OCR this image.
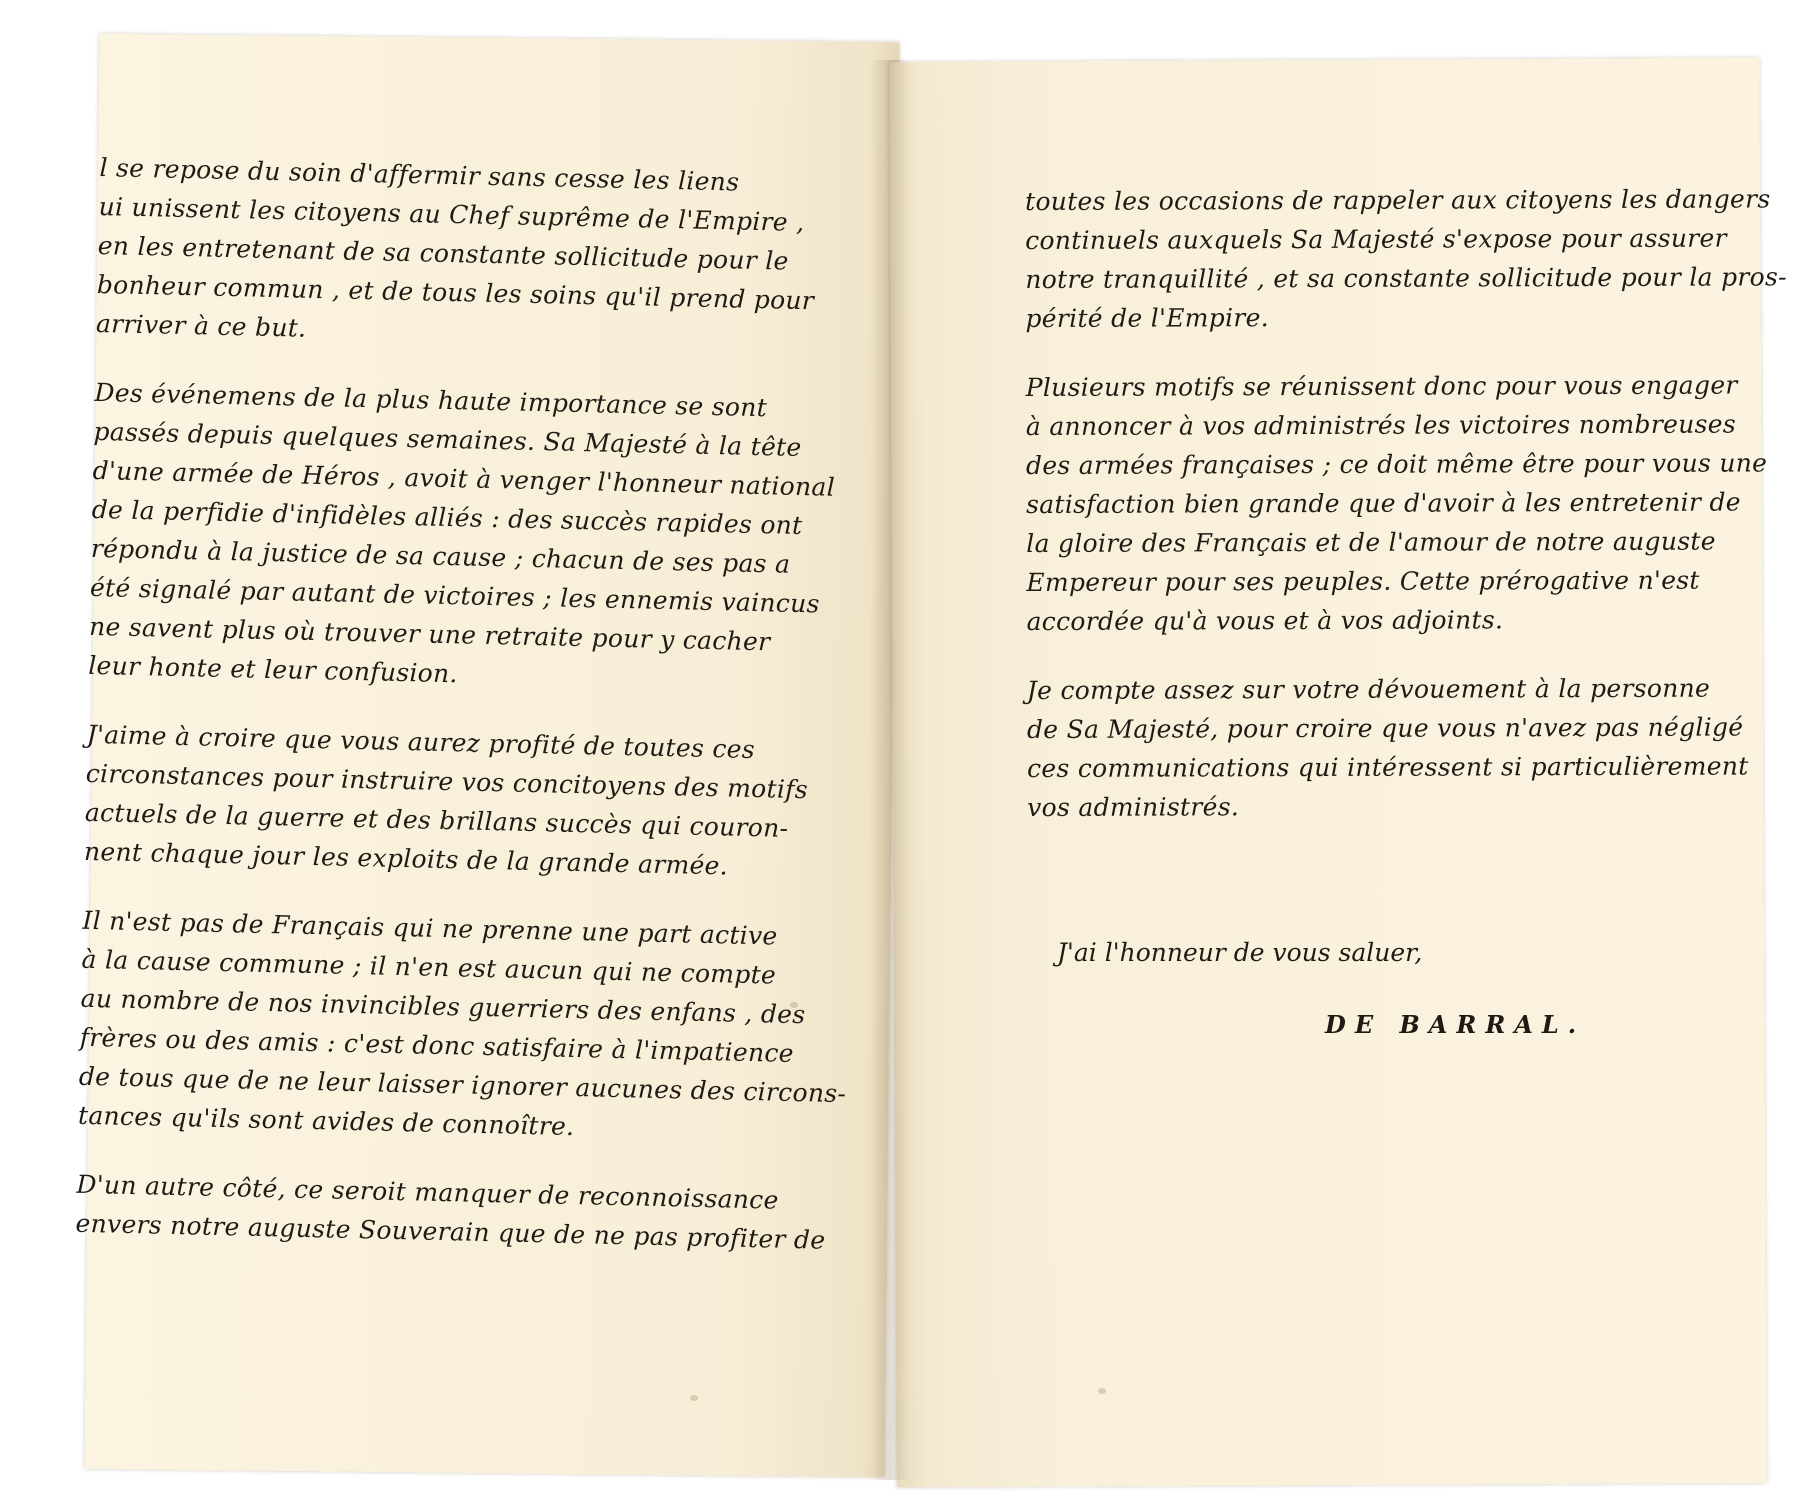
l se repose du soin d'affermir sans cesse les liens
ui unissent les citoyens au Chef suprême de l'Empire ,
en les entretenant de sa constante sollicitude pour le
bonheur commun , et de tous les soins qu'il prend pour
arriver à ce but.
Des événemens de la plus haute importance se sont
passés depuis quelques semaines. Sa Majesté à la tête
d'une armée de Héros , avoit à venger l'honneur national
de la perfidie d'infidèles alliés : des succès rapides ont
répondu à la justice de sa cause ; chacun de ses pas a
été signalé par autant de victoires ; les ennemis vaincus
ne savent plus où trouver une retraite pour y cacher
leur honte et leur confusion.
J'aime à croire que vous aurez profité de toutes ces
circonstances pour instruire vos concitoyens des motifs
actuels de la guerre et des brillans succès qui couron-
nent chaque jour les exploits de la grande armée.
Il n'est pas de Français qui ne prenne une part active
à la cause commune ; il n'en est aucun qui ne compte
au nombre de nos invincibles guerriers des enfans , des
frères ou des amis : c'est donc satisfaire à l'impatience
de tous que de ne leur laisser ignorer aucunes des circons-
tances qu'ils sont avides de connoître.
D'un autre côté, ce seroit manquer de reconnoissance
envers notre auguste Souverain que de ne pas profiter de
toutes les occasions de rappeler aux citoyens les dangers
continuels auxquels Sa Majesté s'expose pour assurer
notre tranquillité , et sa constante sollicitude pour la pros-
périté de l'Empire.
Plusieurs motifs se réunissent donc pour vous engager
à annoncer à vos administrés les victoires nombreuses
des armées françaises ; ce doit même être pour vous une
satisfaction bien grande que d'avoir à les entretenir de
la gloire des Français et de l'amour de notre auguste
Empereur pour ses peuples. Cette prérogative n'est
accordée qu'à vous et à vos adjoints.
Je compte assez sur votre dévouement à la personne
de Sa Majesté, pour croire que vous n'avez pas négligé
ces communications qui intéressent si particulièrement
vos administrés.
J'ai l'honneur de vous saluer,
DE BARRAL.
